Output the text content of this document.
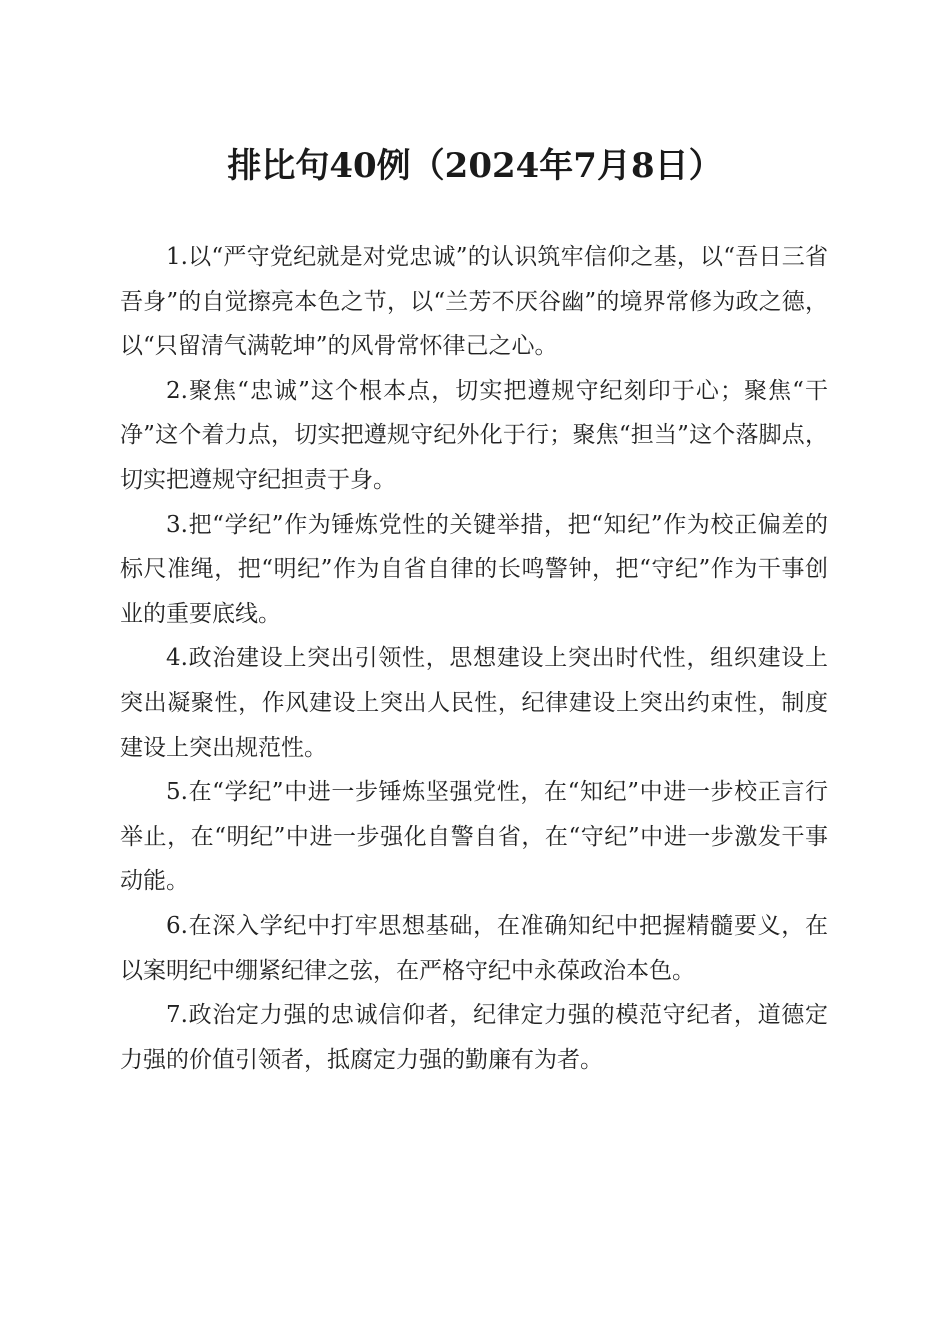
排比句40例（2024年7月8日）

1.以“严守党纪就是对党忠诚”的认识筑牢信仰之基，以“吾日三省吾身”的自觉擦亮本色之节，以“兰芳不厌谷幽”的境界常修为政之德，以“只留清气满乾坤”的风骨常怀律己之心。

2.聚焦“忠诚”这个根本点，切实把遵规守纪刻印于心；聚焦“干净”这个着力点，切实把遵规守纪外化于行；聚焦“担当”这个落脚点，切实把遵规守纪担责于身。

3.把“学纪”作为锤炼党性的关键举措，把“知纪”作为校正偏差的标尺准绳，把“明纪”作为自省自律的长鸣警钟，把“守纪”作为干事创业的重要底线。

4.政治建设上突出引领性，思想建设上突出时代性，组织建设上突出凝聚性，作风建设上突出人民性，纪律建设上突出约束性，制度建设上突出规范性。

5.在“学纪”中进一步锤炼坚强党性，在“知纪”中进一步校正言行举止，在“明纪”中进一步强化自警自省，在“守纪”中进一步激发干事动能。

6.在深入学纪中打牢思想基础，在准确知纪中把握精髓要义，在以案明纪中绷紧纪律之弦，在严格守纪中永葆政治本色。

7.政治定力强的忠诚信仰者，纪律定力强的模范守纪者，道德定力强的价值引领者，抵腐定力强的勤廉有为者。
